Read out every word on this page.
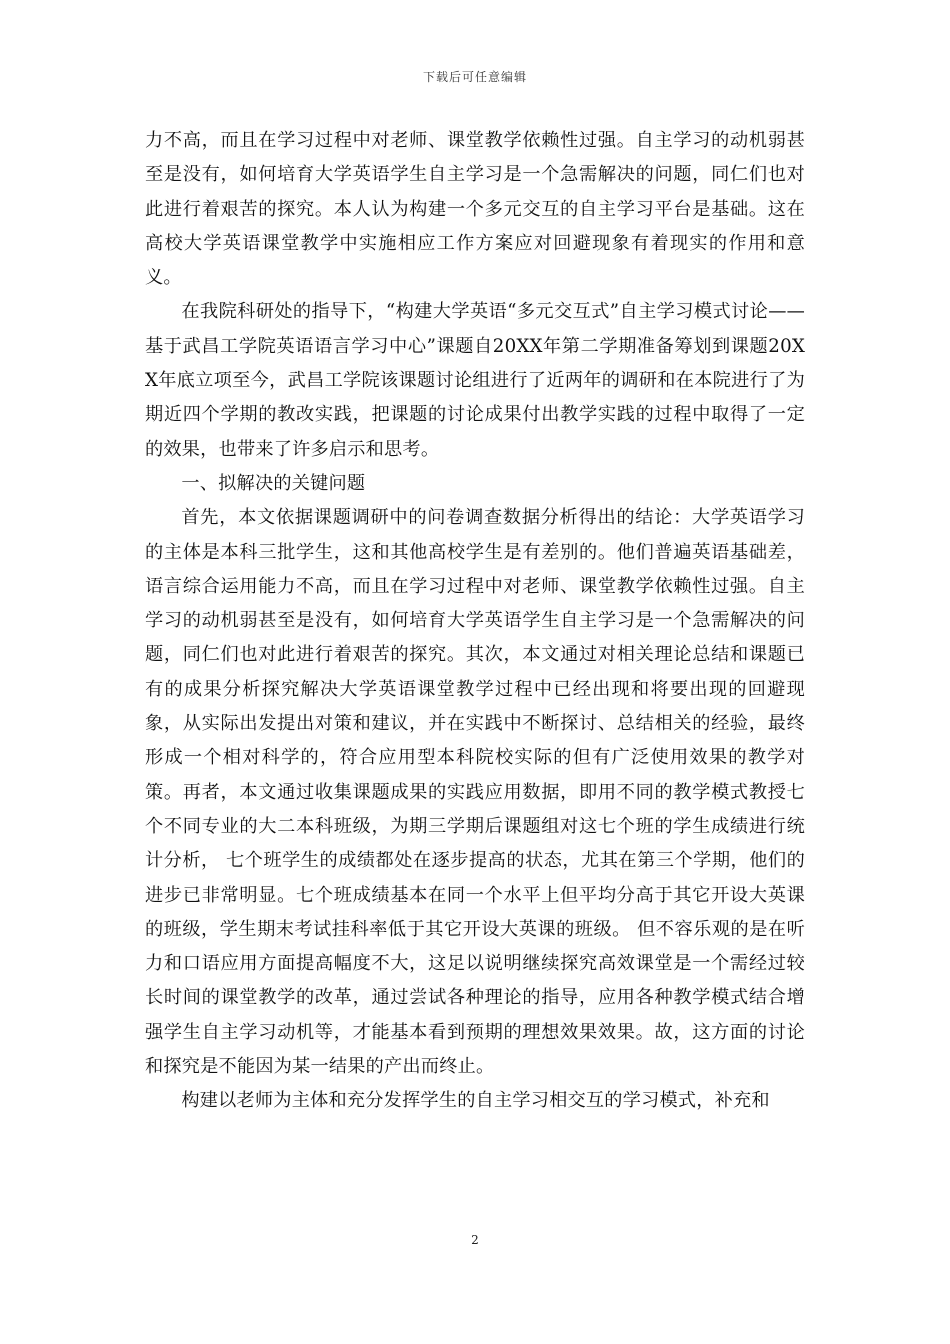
下载后可任意编辑

力不高，而且在学习过程中对老师、课堂教学依赖性过强。自主学习的动机弱甚至是没有，如何培育大学英语学生自主学习是一个急需解决的问题，同仁们也对此进行着艰苦的探究。本人认为构建一个多元交互的自主学习平台是基础。这在高校大学英语课堂教学中实施相应工作方案应对回避现象有着现实的作用和意义。

在我院科研处的指导下，“构建大学英语“多元交互式”自主学习模式讨论——基于武昌工学院英语语言学习中心”课题自20XX年第二学期准备筹划到课题20XX年底立项至今，武昌工学院该课题讨论组进行了近两年的调研和在本院进行了为期近四个学期的教改实践，把课题的讨论成果付出教学实践的过程中取得了一定的效果，也带来了许多启示和思考。

一、拟解决的关键问题

首先，本文依据课题调研中的问卷调查数据分析得出的结论：大学英语学习的主体是本科三批学生，这和其他高校学生是有差别的。他们普遍英语基础差，语言综合运用能力不高，而且在学习过程中对老师、课堂教学依赖性过强。自主学习的动机弱甚至是没有，如何培育大学英语学生自主学习是一个急需解决的问题，同仁们也对此进行着艰苦的探究。其次，本文通过对相关理论总结和课题已有的成果分析探究解决大学英语课堂教学过程中已经出现和将要出现的回避现象，从实际出发提出对策和建议，并在实践中不断探讨、总结相关的经验，最终形成一个相对科学的，符合应用型本科院校实际的但有广泛使用效果的教学对策。再者，本文通过收集课题成果的实践应用数据，即用不同的教学模式教授七个不同专业的大二本科班级，为期三学期后课题组对这七个班的学生成绩进行统计分析， 七个班学生的成绩都处在逐步提高的状态，尤其在第三个学期，他们的进步已非常明显。七个班成绩基本在同一个水平上但平均分高于其它开设大英课的班级，学生期末考试挂科率低于其它开设大英课的班级。 但不容乐观的是在听力和口语应用方面提高幅度不大，这足以说明继续探究高效课堂是一个需经过较长时间的课堂教学的改革，通过尝试各种理论的指导，应用各种教学模式结合增强学生自主学习动机等，才能基本看到预期的理想效果效果。故，这方面的讨论和探究是不能因为某一结果的产出而终止。

构建以老师为主体和充分发挥学生的自主学习相交互的学习模式，补充和

2
